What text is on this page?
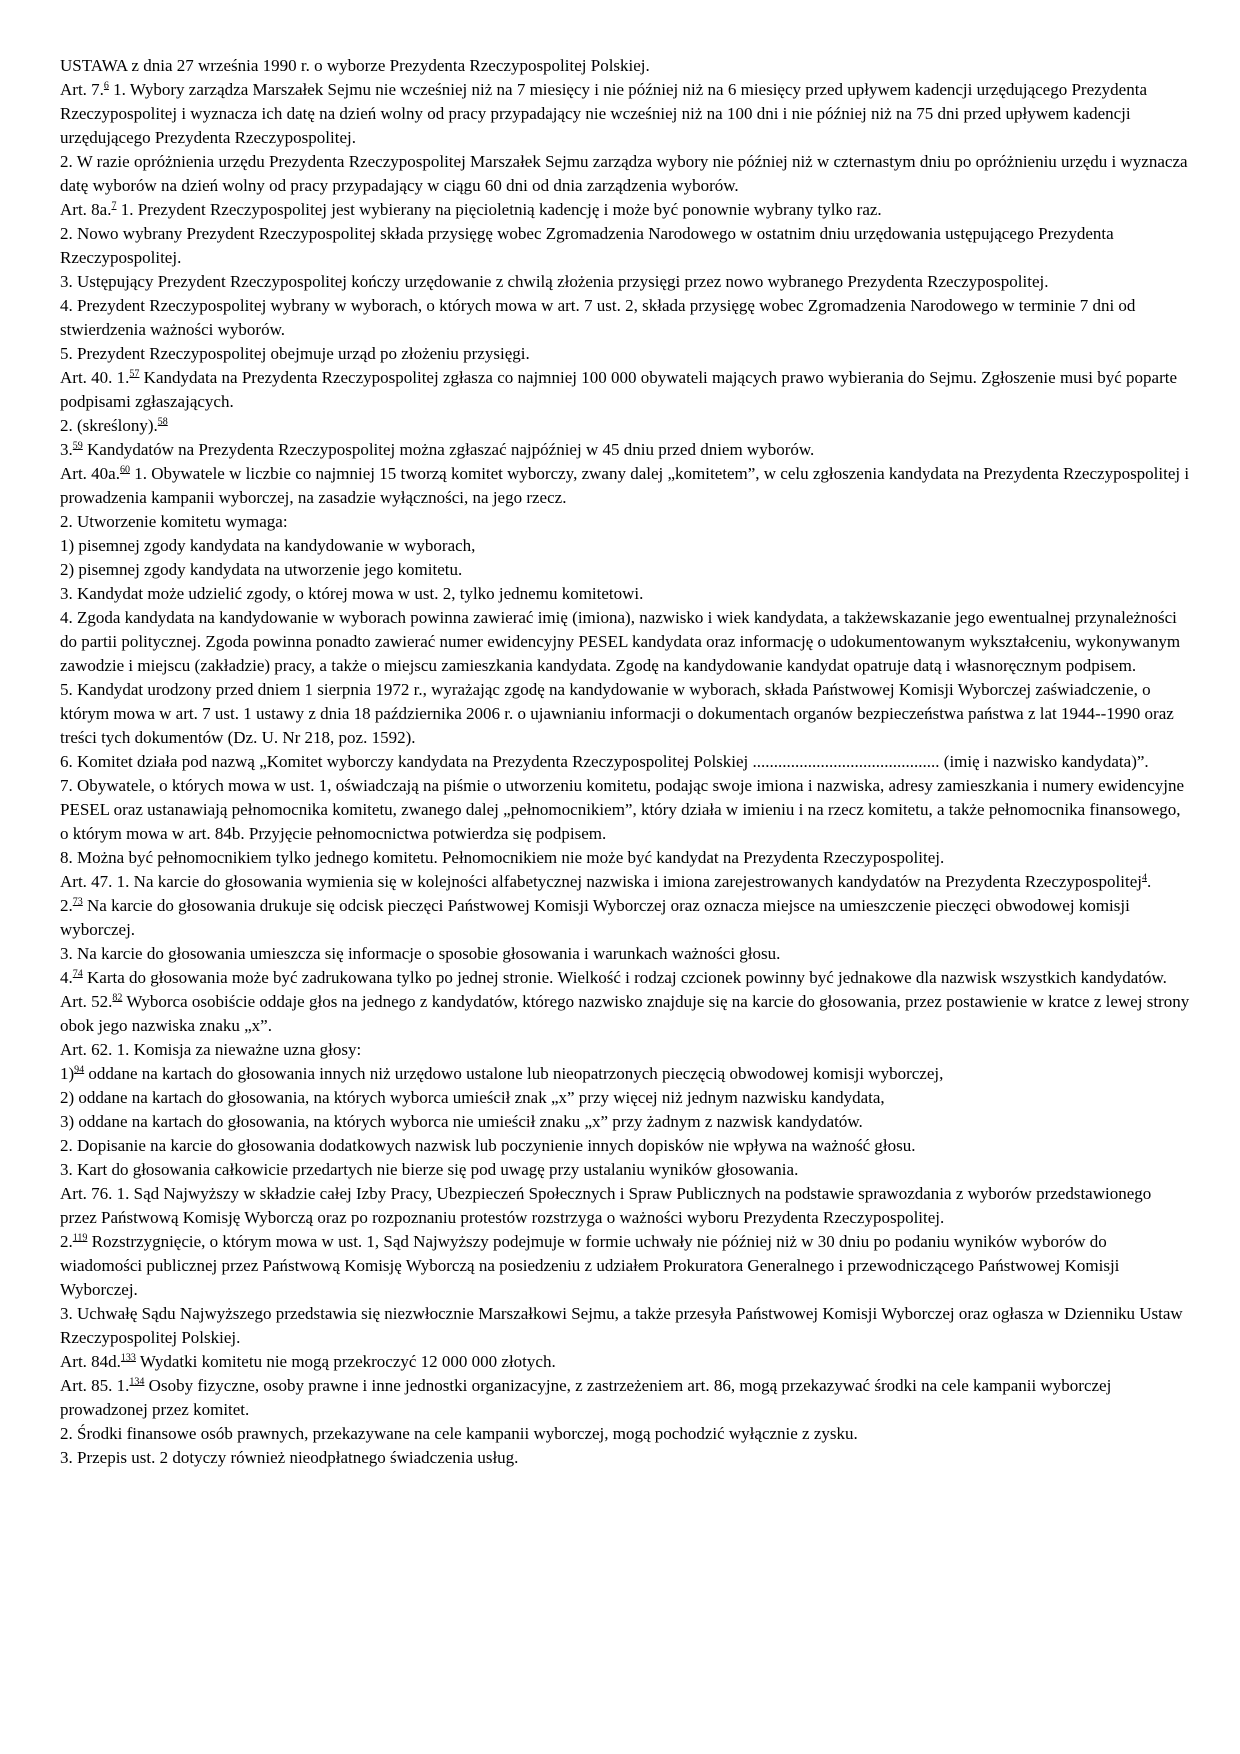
USTAWA z dnia 27 września 1990 r. o wyborze Prezydenta Rzeczypospolitej Polskiej.

Art. 7.$^6$ 1. Wybory zarządza Marszałek Sejmu nie wcześniej niż na 7 miesięcy i nie później niż na 6 miesięcy przed upływem kadencji urzędującego Prezydenta Rzeczypospolitej i wyznacza ich datę na dzień wolny od pracy przypadający nie wcześniej niż na 100 dni i nie później niż na 75 dni przed upływem kadencji urzędującego Prezydenta Rzeczypospolitej.

2. W razie opróżnienia urzędu Prezydenta Rzeczypospolitej Marszałek Sejmu zarządza wybory nie później niż w czternastym dniu po opróżnieniu urzędu i wyznacza datę wyborów na dzień wolny od pracy przypadający w ciągu 60 dni od dnia zarządzenia wyborów.

Art. 8a.$^7$ 1. Prezydent Rzeczypospolitej jest wybierany na pięcioletnią kadencję i może być ponownie wybrany tylko raz.

2. Nowo wybrany Prezydent Rzeczypospolitej składa przysięgę wobec Zgromadzenia Narodowego w ostatnim dniu urzędowania ustępującego Prezydenta Rzeczypospolitej.

3. Ustępujący Prezydent Rzeczypospolitej kończy urzędowanie z chwilą złożenia przysięgi przez nowo wybranego Prezydenta Rzeczypospolitej.

4. Prezydent Rzeczypospolitej wybrany w wyborach, o których mowa w art. 7 ust. 2, składa przysięgę wobec Zgromadzenia Narodowego w terminie 7 dni od stwierdzenia ważności wyborów.

5. Prezydent Rzeczypospolitej obejmuje urząd po złożeniu przysięgi.

Art. 40. 1.57 Kandydata na Prezydenta Rzeczypospolitej zgłasza co najmniej 100 000 obywateli mających prawo wybierania do Sejmu. Zgłoszenie musi być poparte podpisami zgłaszających.

2. (skreślony).$^{58}$

3.59 Kandydatów na Prezydenta Rzeczypospolitej można zgłaszać najpóźniej w 45 dniu przed dniem wyborów.

Art. 40a.$^{60}$ 1. Obywatele w liczbie co najmniej 15 tworzą komitet wyborczy, zwany dalej „komitetem”, w celu zgłoszenia kandydata na Prezydenta Rzeczypospolitej i prowadzenia kampanii wyborczej, na zasadzie wyłączności, na jego rzecz.

2. Utworzenie komitetu wymaga:

1) pisemnej zgody kandydata na kandydowanie w wyborach,

2) pisemnej zgody kandydata na utworzenie jego komitetu.

3. Kandydat może udzielić zgody, o której mowa w ust. 2, tylko jednemu komitetowi.

4. Zgoda kandydata na kandydowanie w wyborach powinna zawierać imię (imiona), nazwisko i wiek kandydata, a takżewskazanie jego ewentualnej przynależności do partii politycznej. Zgoda powinna ponadto zawierać numer ewidencyjny PESEL kandydata oraz informację o udokumentowanym wykształceniu, wykonywanym zawodzie i miejscu (zakładzie) pracy, a także o miejscu zamieszkania kandydata. Zgodę na kandydowanie kandydat opatruje datą i własnoręcznym podpisem.

5. Kandydat urodzony przed dniem 1 sierpnia 1972 r., wyrażając zgodę na kandydowanie w wyborach, składa Państwowej Komisji Wyborczej zaświadczenie, o którym mowa w art. 7 ust. 1 ustawy z dnia 18 października 2006 r. o ujawnianiu informacji o dokumentach organów bezpieczeństwa państwa z lat 1944--1990 oraz treści tych dokumentów (Dz. U. Nr 218, poz. 1592).

6. Komitet działa pod nazwą „Komitet wyborczy kandydata na Prezydenta Rzeczypospolitej Polskiej ............................................ (imię i nazwisko kandydata)”.

7. Obywatele, o których mowa w ust. 1, oświadczają na piśmie o utworzeniu komitetu, podając swoje imiona i nazwiska, adresy zamieszkania i numery ewidencyjne PESEL oraz ustanawiają pełnomocnika komitetu, zwanego dalej „pełnomocnikiem”, który działa w imieniu i na rzecz komitetu, a także pełnomocnika finansowego, o którym mowa w art. 84b. Przyjęcie pełnomocnictwa potwierdza się podpisem.

8. Można być pełnomocnikiem tylko jednego komitetu. Pełnomocnikiem nie może być kandydat na Prezydenta Rzeczypospolitej.

Art. 47. 1. Na karcie do głosowania wymienia się w kolejności alfabetycznej nazwiska i imiona zarejestrowanych kandydatów na Prezydenta Rzeczypospolitej$^4$.

2.73 Na karcie do głosowania drukuje się odcisk pieczęci Państwowej Komisji Wyborczej oraz oznacza miejsce na umieszczenie pieczęci obwodowej komisji wyborczej.

3. Na karcie do głosowania umieszcza się informacje o sposobie głosowania i warunkach ważności głosu.

4.74 Karta do głosowania może być zadrukowana tylko po jednej stronie. Wielkość i rodzaj czcionek powinny być jednakowe dla nazwisk wszystkich kandydatów.

Art. 52.82 Wyborca osobiście oddaje głos na jednego z kandydatów, którego nazwisko znajduje się na karcie do głosowania, przez postawienie w kratce z lewej strony obok jego nazwiska znaku „x”.

Art. 62. 1. Komisja za nieważne uzna głosy:

1)$^{94}$ oddane na kartach do głosowania innych niż urzędowo ustalone lub nieopatrzonych pieczęcią obwodowej komisji wyborczej,

2) oddane na kartach do głosowania, na których wyborca umieścił znak „x” przy więcej niż jednym nazwisku kandydata,

3) oddane na kartach do głosowania, na których wyborca nie umieścił znaku „x” przy żadnym z nazwisk kandydatów.

2. Dopisanie na karcie do głosowania dodatkowych nazwisk lub poczynienie innych dopisków nie wpływa na ważność głosu.

3. Kart do głosowania całkowicie przedartych nie bierze się pod uwagę przy ustalaniu wyników głosowania.

Art. 76. 1. Sąd Najwyższy w składzie całej Izby Pracy, Ubezpieczeń Społecznych i Spraw Publicznych na podstawie sprawozdania z wyborów przedstawionego przez Państwową Komisję Wyborczą oraz po rozpoznaniu protestów rozstrzyga o ważności wyboru Prezydenta Rzeczypospolitej.

2.$^{119}$ Rozstrzygnięcie, o którym mowa w ust. 1, Sąd Najwyższy podejmuje w formie uchwały nie później niż w 30 dniu po podaniu wyników wyborów do wiadomości publicznej przez Państwową Komisję Wyborczą na posiedzeniu z udziałem Prokuratora Generalnego i przewodniczącego Państwowej Komisji Wyborczej.

3. Uchwałę Sądu Najwyższego przedstawia się niezwłocznie Marszałkowi Sejmu, a także przesyła Państwowej Komisji Wyborczej oraz ogłasza w Dzienniku Ustaw Rzeczypospolitej Polskiej.

Art. 84d.$^{133}$ Wydatki komitetu nie mogą przekroczyć 12 000 000 złotych.

Art. 85. 1.$^{134}$ Osoby fizyczne, osoby prawne i inne jednostki organizacyjne, z zastrzeżeniem art. 86, mogą przekazywać środki na cele kampanii wyborczej prowadzonej przez komitet.

2. Środki finansowe osób prawnych, przekazywane na cele kampanii wyborczej, mogą pochodzić wyłącznie z zysku.

3. Przepis ust. 2 dotyczy również nieodpłatnego świadczenia usług.
